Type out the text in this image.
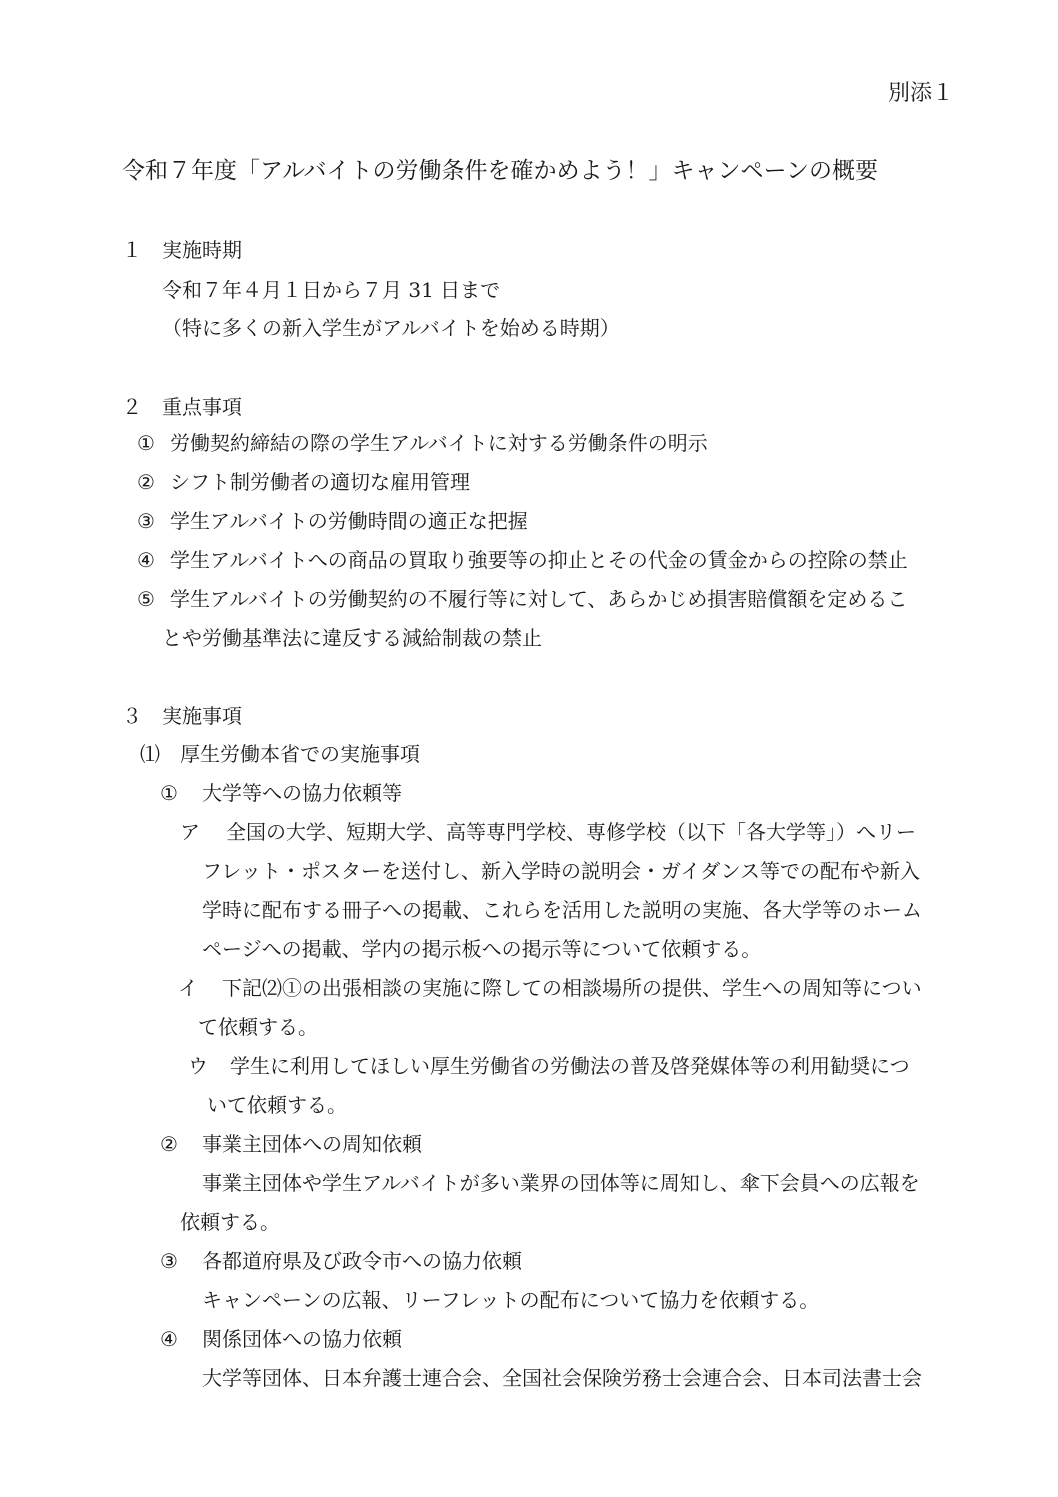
別添１
令和７年度「アルバイトの労働条件を確かめよう！」キャンペーンの概要
１ 実施時期
令和７年４月１日から７月 31 日まで
（特に多くの新入学生がアルバイトを始める時期）
２ 重点事項
① 労働契約締結の際の学生アルバイトに対する労働条件の明示
② シフト制労働者の適切な雇用管理
③ 学生アルバイトの労働時間の適正な把握
④ 学生アルバイトへの商品の買取り強要等の抑止とその代金の賃金からの控除の禁止
⑤ 学生アルバイトの労働契約の不履行等に対して、あらかじめ損害賠償額を定めるこ
とや労働基準法に違反する減給制裁の禁止
３ 実施事項
⑴ 厚生労働本省での実施事項
① 大学等への協力依頼等
ア 全国の大学、短期大学、高等専門学校、専修学校（以下「各大学等」）へリー
フレット・ポスターを送付し、新入学時の説明会・ガイダンス等での配布や新入
学時に配布する冊子への掲載、これらを活用した説明の実施、各大学等のホーム
ページへの掲載、学内の掲示板への掲示等について依頼する。
イ 下記⑵①の出張相談の実施に際しての相談場所の提供、学生への周知等につい
て依頼する。
ウ 学生に利用してほしい厚生労働省の労働法の普及啓発媒体等の利用勧奨につ
いて依頼する。
② 事業主団体への周知依頼
事業主団体や学生アルバイトが多い業界の団体等に周知し、傘下会員への広報を
依頼する。
③ 各都道府県及び政令市への協力依頼
キャンペーンの広報、リーフレットの配布について協力を依頼する。
④ 関係団体への協力依頼
大学等団体、日本弁護士連合会、全国社会保険労務士会連合会、日本司法書士会
